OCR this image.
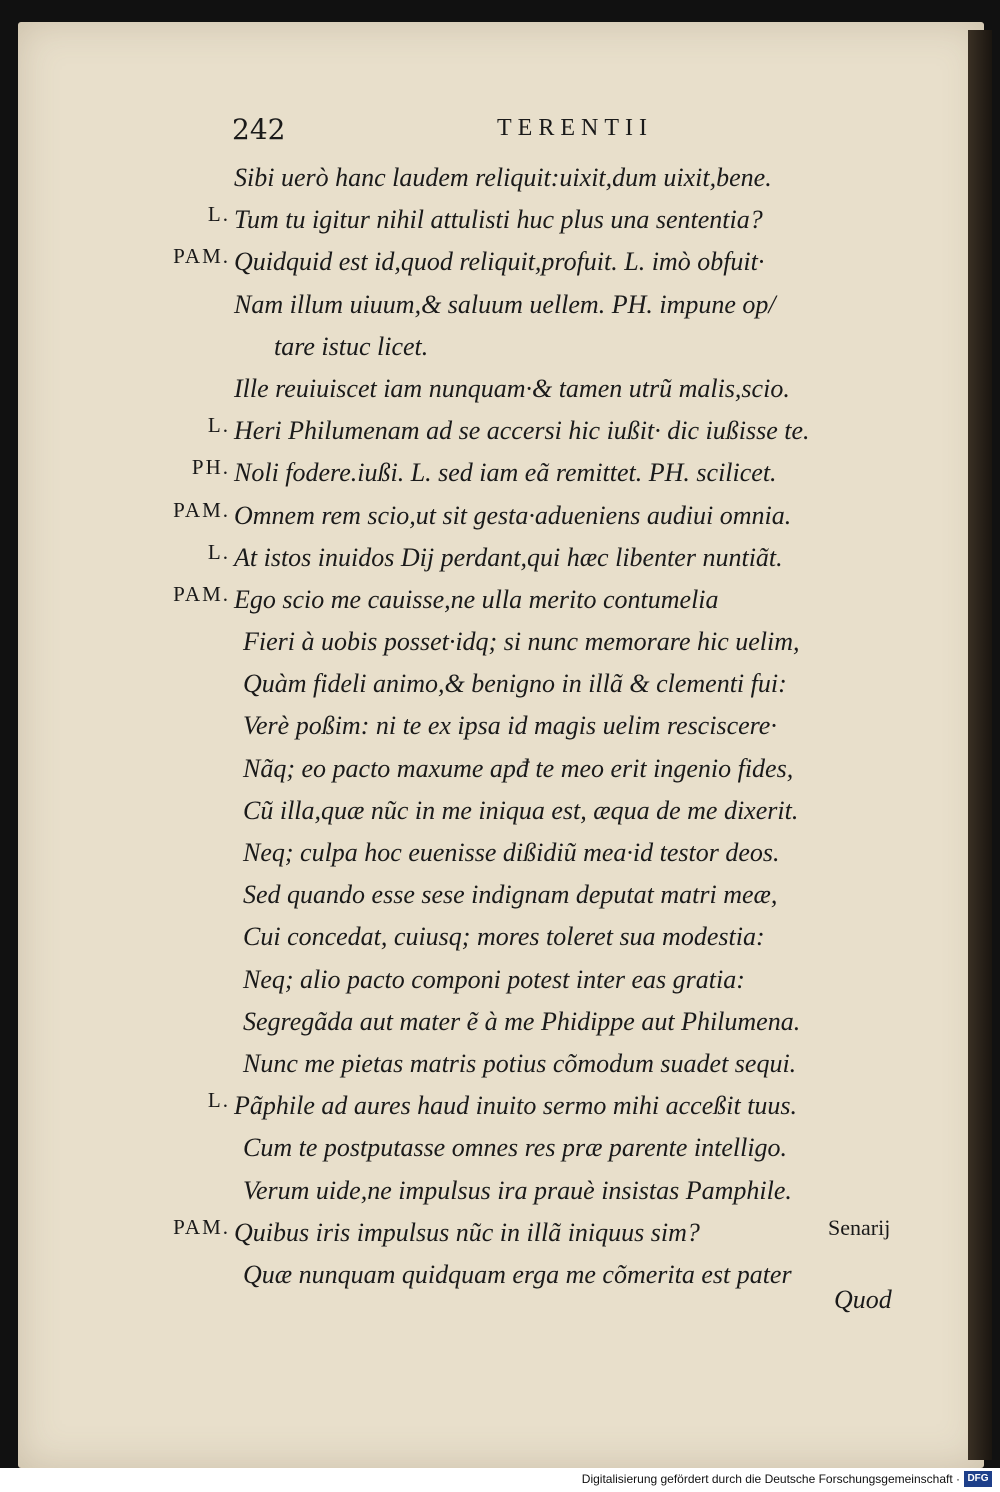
242	TERENTII
Sibi uerò hanc laudem reliquit:uixit,dum uixit,bene.
L. Tum tu igitur nihil attulisti huc plus una sententia?
PAM. Quidquid est id,quod reliquit,profuit. L. imò obfuit·
Nam illum uiuum,& saluum uellem. PH. impune op/
tare istuc licet.
Ille reuiuiscet iam nunquam·& tamen utrũ malis,scio.
L. Heri Philumenam ad se accersi hic iußit· dic iußisse te.
PH. Noli fodere.iußi. L. sed iam eã remittet. PH. scilicet.
PAM. Omnem rem scio,ut sit gesta·adueniens audiui omnia.
L. At istos inuidos Dij perdant,qui hæc libenter nuntiãt.
PAM. Ego scio me cauisse,ne ulla merito contumelia
Fieri à uobis posset·idq; si nunc memorare hic uelim,
Quàm fideli animo,& benigno in illã & clementi fui:
Verè poßim: ni te ex ipsa id magis uelim resciscere·
Nãq; eo pacto maxume apđ te meo erit ingenio fides,
Cũ illa,quæ nũc in me iniqua est, æqua de me dixerit.
Neq; culpa hoc euenisse dißidiũ mea·id testor deos.
Sed quando esse sese indignam deputat matri meæ,
Cui concedat, cuiusq; mores toleret sua modestia:
Neq; alio pacto componi potest inter eas gratia:
Segregãda aut mater ẽ à me Phidippe aut Philumena.
Nunc me pietas matris potius cõmodum suadet sequi.
L. Pãphile ad aures haud inuito sermo mihi acceßit tuus.
Cum te postputasse omnes res præ parente intelligo.
Verum uide,ne impulsus ira prauè insistas Pamphile.
PAM. Quibus iris impulsus nũc in illã iniquus sim?	Senarij
Quæ nunquam quidquam erga me cõmerita est pater
Quod
Digitalisierung gefördert durch die Deutsche Forschungsgemeinschaft · DFG
